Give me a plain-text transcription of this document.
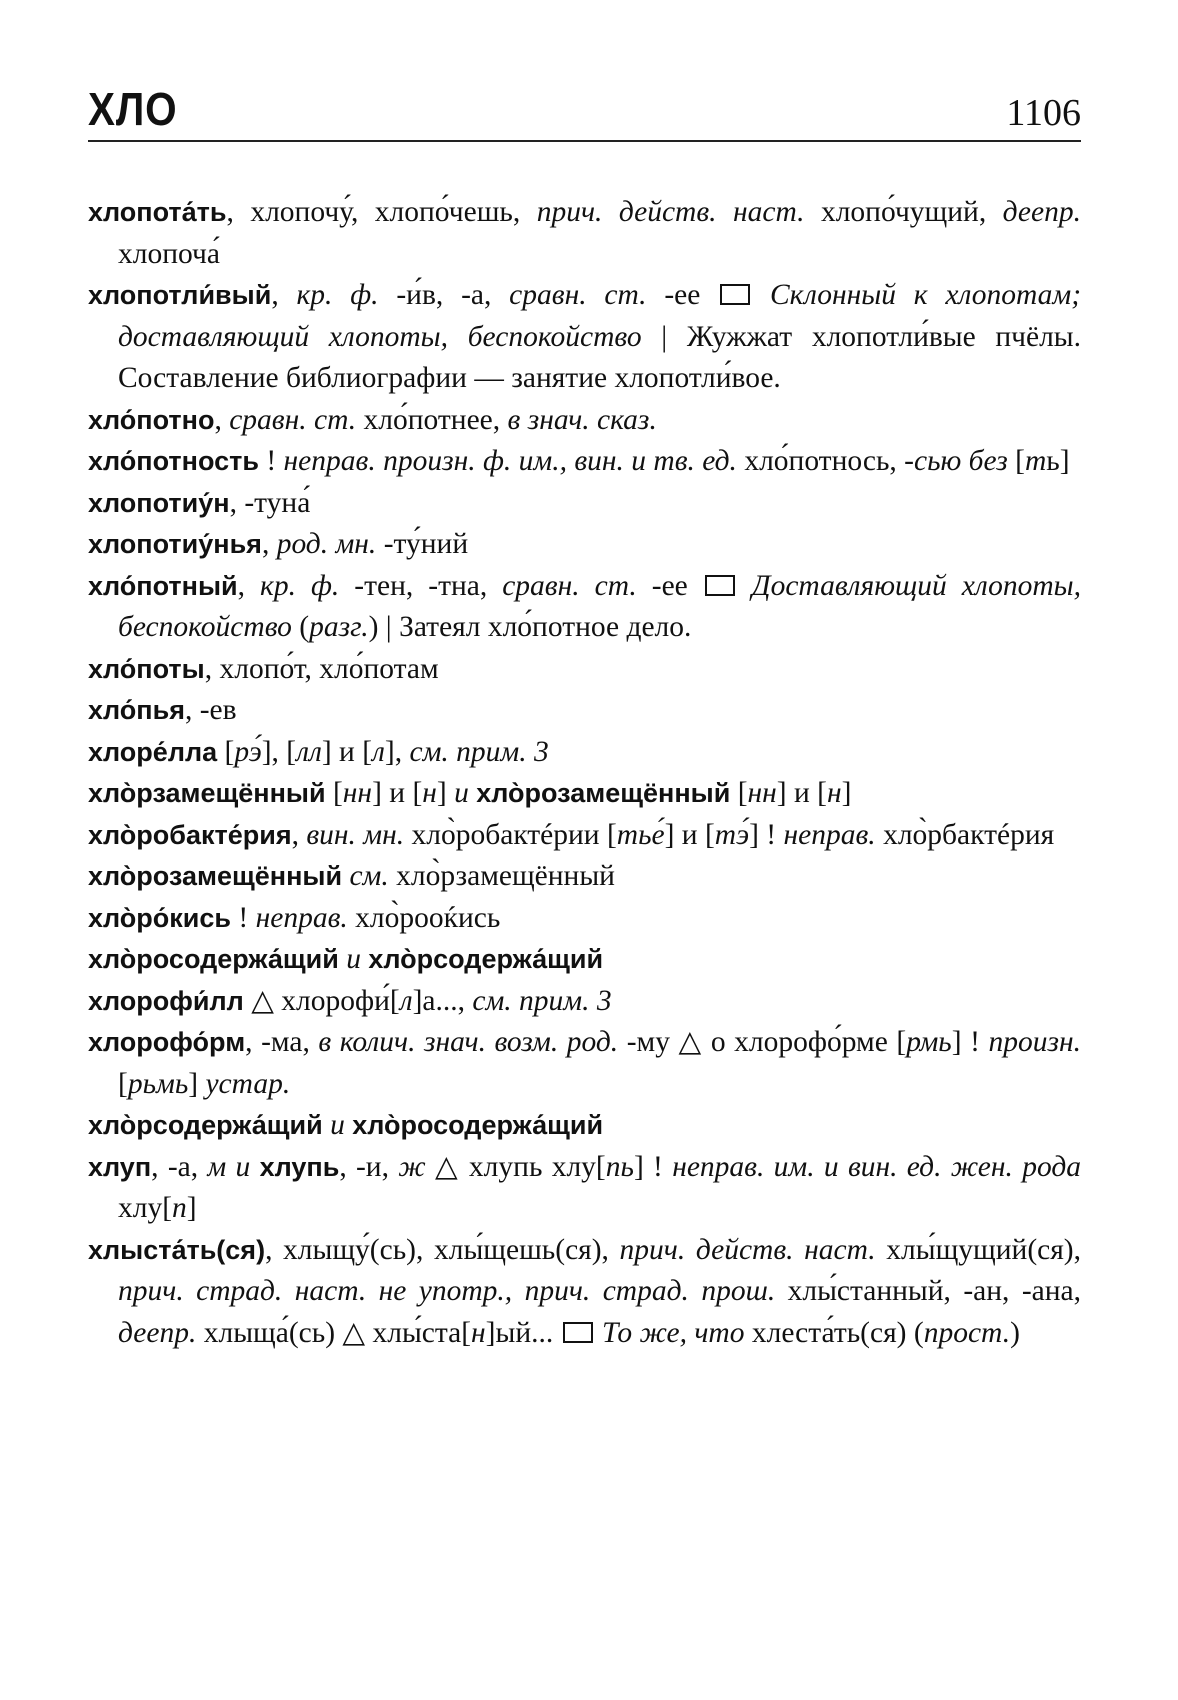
ХЛО	1106

хлопота́ть, хлопочу́, хлопо́чешь, прич. действ. наст. хлопо́чущий, деепр. хлопоча́

хлопотли́вый, кр. ф. -и́в, -а, сравн. ст. -ее  Склонный к хлопотам; доставляющий хлопоты, беспокойство | Жужжат хлопотли́вые пчёлы. Составление библиографии — занятие хлопотли́вое.

хло́потно, сравн. ст. хло́потнее, в знач. сказ.

хло́потность ! неправ. произн. ф. им., вин. и тв. ед. хло́потнось, -сью без [ть]

хлопотиу́н, -туна́

хлопотиу́нья, род. мн. -ту́ний

хло́потный, кр. ф. -тен, -тна, сравн. ст. -ее  Доставляющий хлопоты, беспокойство (разг.) | Затеял хло́потное дело.

хло́поты, хлопо́т, хло́потам

хло́пья, -ев

хлоре́лла [рэ́], [лл] и [л], см. прим. 3

хло̀рзамещённый [нн] и [н] и хло̀розамещённый [нн] и [н]

хло̀робакте́рия, вин. мн. хло̀робактéрии [тье́] и [тэ́] ! неправ. хло̀рбактéрия

хло̀розамещённый см. хло̀рзамещённый

хло̀ро́кись ! неправ. хло̀рооќись

хло̀росодержа́щий и хло̀рсодержа́щий

хлорофи́лл △ хлорофи́[л]а..., см. прим. 3

хлорофо́рм, -ма, в колич. знач. возм. род. -му △ о хлорофо́рме [рмь] ! произн. [рьмь] устар.

хло̀рсодержа́щий и хло̀росодержа́щий

хлуп, -а, м и хлупь, -и, ж △ хлупь хлу[пь] ! неправ. им. и вин. ед. жен. рода хлу[п]

хлыста́ть(ся), хлыщу́(сь), хлы́щешь(ся), прич. действ. наст. хлы́щущий(ся), прич. страд. наст. не употр., прич. страд. прош. хлы́станный, -ан, -ана, деепр. хлыща́(сь) △ хлы́ста[н]ый...  То же, что хлеста́ть(ся) (прост.)
